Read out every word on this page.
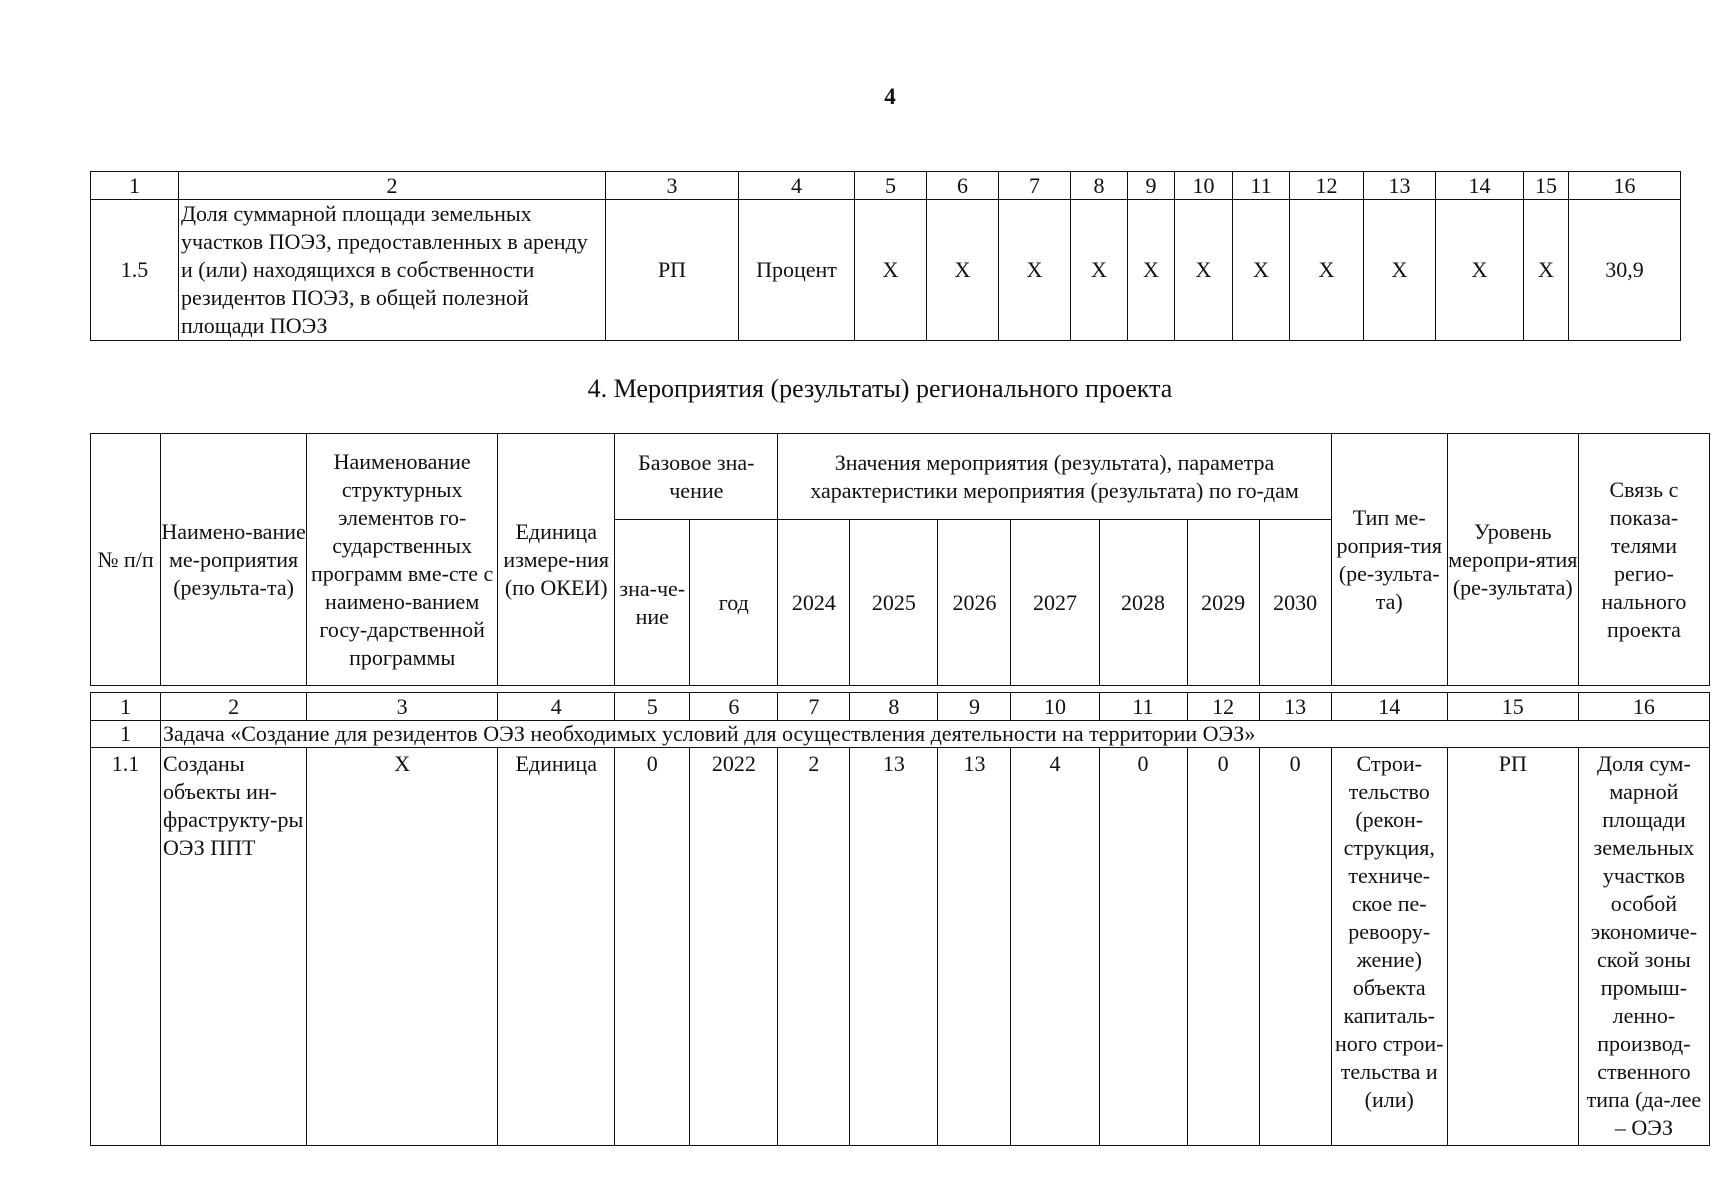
4
1	2	3	4	5	6	7	8	9	10	11	12	13	14	15	16
1.5	Доля суммарной площади земельных участков ПОЭЗ, предоставленных в аренду и (или) находящихся в собственности резидентов ПОЭЗ, в общей полезной площади ПОЭЗ	РП	Процент	Х	Х	Х	Х	Х	Х	Х	Х	Х	Х	Х	30,9
4. Мероприятия (результаты) регионального проекта
№ п/п	Наимено-вание ме-роприятия (результа-та)	Наименование структурных элементов го-сударственных программ вме-сте с наимено-ванием госу-дарственной программы	Единица измере-ния (по ОКЕИ)	Базовое зна-чение		Значения мероприятия (результата), параметра характеристики мероприятия (результата) по го-дам							Тип ме-роприя-тия (ре-зульта-та)	Уровень меропри-ятия (ре-зультата)	Связь с показа-телями регио-нального проекта
				зна-че-ние	год	2024	2025	2026	2027	2028	2029	2030			

1	2	3	4	5	6	7	8	9	10	11	12	13	14	15	16
1	Задача «Создание для резидентов ОЭЗ необходимых условий для осуществления деятельности на территории ОЭЗ»														
1.1	Созданы объекты ин-фраструкту-ры ОЭЗ ППТ	Х	Единица	0	2022	2	13	13	4	0	0	0	Строи-тельство (рекон-струкция, техниче-ское пе-ревоору-жение) объекта капиталь-ного строи-тельства и (или)	РП	Доля сум-марной площади земельных участков особой экономиче-ской зоны промыш-ленно-производ-ственного типа (да-лее – ОЭЗ
